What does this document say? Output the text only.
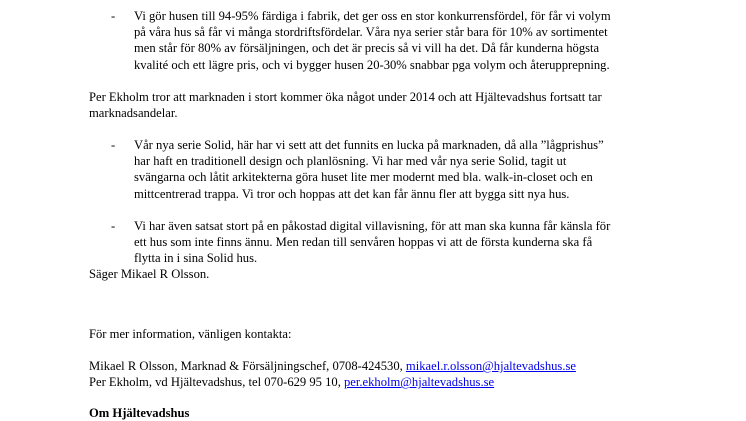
- Vi gör husen till 94-95% färdiga i fabrik, det ger oss en stor konkurrensfördel, för får vi volym
på våra hus så får vi många stordriftsfördelar. Våra nya serier står bara för 10% av sortimentet
men står för 80% av försäljningen, och det är precis så vi vill ha det. Då får kunderna högsta
kvalité och ett lägre pris, och vi bygger husen 20-30% snabbar pga volym och återupprepning.
Per Ekholm tror att marknaden i stort kommer öka något under 2014 och att Hjältevadshus fortsatt tar
marknadsandelar.
- Vår nya serie Solid, här har vi sett att det funnits en lucka på marknaden, då alla ”lågprishus”
har haft en traditionell design och planlösning. Vi har med vår nya serie Solid, tagit ut
svängarna och låtit arkitekterna göra huset lite mer modernt med bla. walk-in-closet och en
mittcentrerad trappa. Vi tror och hoppas att det kan får ännu fler att bygga sitt nya hus.
- Vi har även satsat stort på en påkostad digital villavisning, för att man ska kunna får känsla för
ett hus som inte finns ännu. Men redan till senvåren hoppas vi att de första kunderna ska få
flytta in i sina Solid hus.
Säger Mikael R Olsson.
För mer information, vänligen kontakta:
Mikael R Olsson, Marknad & Försäljningschef, 0708-424530, mikael.r.olsson@hjaltevadshus.se
Per Ekholm, vd Hjältevadshus, tel 070-629 95 10, per.ekholm@hjaltevadshus.se
Om Hjältevadshus
